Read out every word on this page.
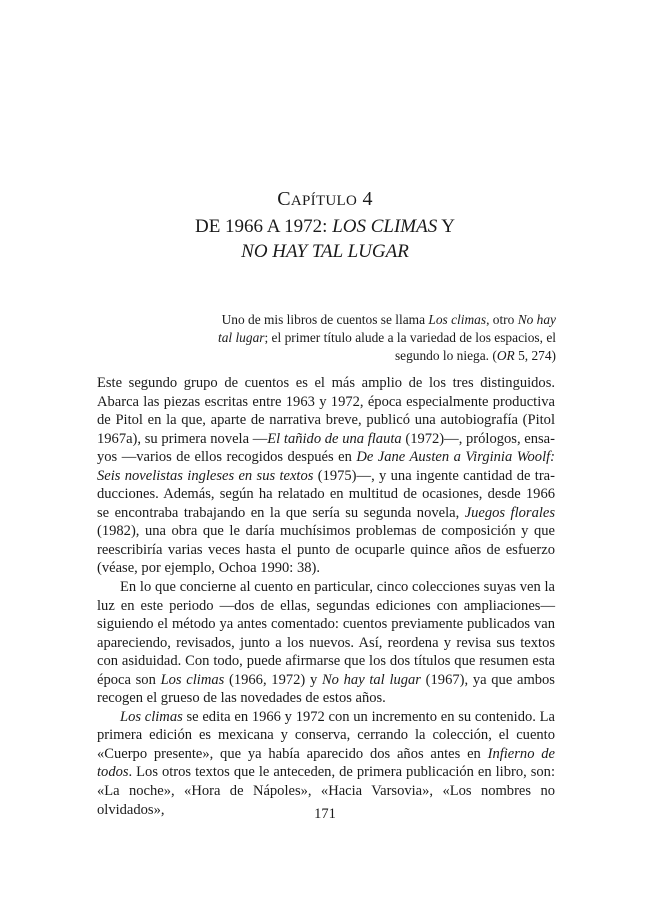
CAPÍTULO 4
DE 1966 A 1972: LOS CLIMAS Y
NO HAY TAL LUGAR
Uno de mis libros de cuentos se llama Los climas, otro No hay tal lugar; el primer título alude a la variedad de los espacios, el segundo lo niega. (OR 5, 274)

Este segundo grupo de cuentos es el más amplio de los tres distinguidos. Abarca las piezas escritas entre 1963 y 1972, época especialmente productiva de Pitol en la que, aparte de narrativa breve, publicó una autobiografía (Pitol 1967a), su primera novela —El tañido de una flauta (1972)—, prólogos, ensayos —varios de ellos recogidos después en De Jane Austen a Virginia Woolf: Seis novelistas ingleses en sus textos (1975)—, y una ingente cantidad de traducciones. Además, según ha relatado en multitud de ocasiones, desde 1966 se encontraba trabajando en la que sería su segunda novela, Juegos florales (1982), una obra que le daría muchísimos problemas de composición y que reescribiría varias veces hasta el punto de ocuparle quince años de esfuerzo (véase, por ejemplo, Ochoa 1990: 38).

En lo que concierne al cuento en particular, cinco colecciones suyas ven la luz en este periodo —dos de ellas, segundas ediciones con ampliaciones— siguiendo el método ya antes comentado: cuentos previamente publicados van apareciendo, revisados, junto a los nuevos. Así, reordena y revisa sus textos con asiduidad. Con todo, puede afirmarse que los dos títulos que resumen esta época son Los climas (1966, 1972) y No hay tal lugar (1967), ya que ambos recogen el grueso de las novedades de estos años.

Los climas se edita en 1966 y 1972 con un incremento en su contenido. La primera edición es mexicana y conserva, cerrando la colección, el cuento «Cuerpo presente», que ya había aparecido dos años antes en Infierno de todos. Los otros textos que le anteceden, de primera publicación en libro, son: «La noche», «Hora de Nápoles», «Hacia Varsovia», «Los nombres no olvidados»,	171
